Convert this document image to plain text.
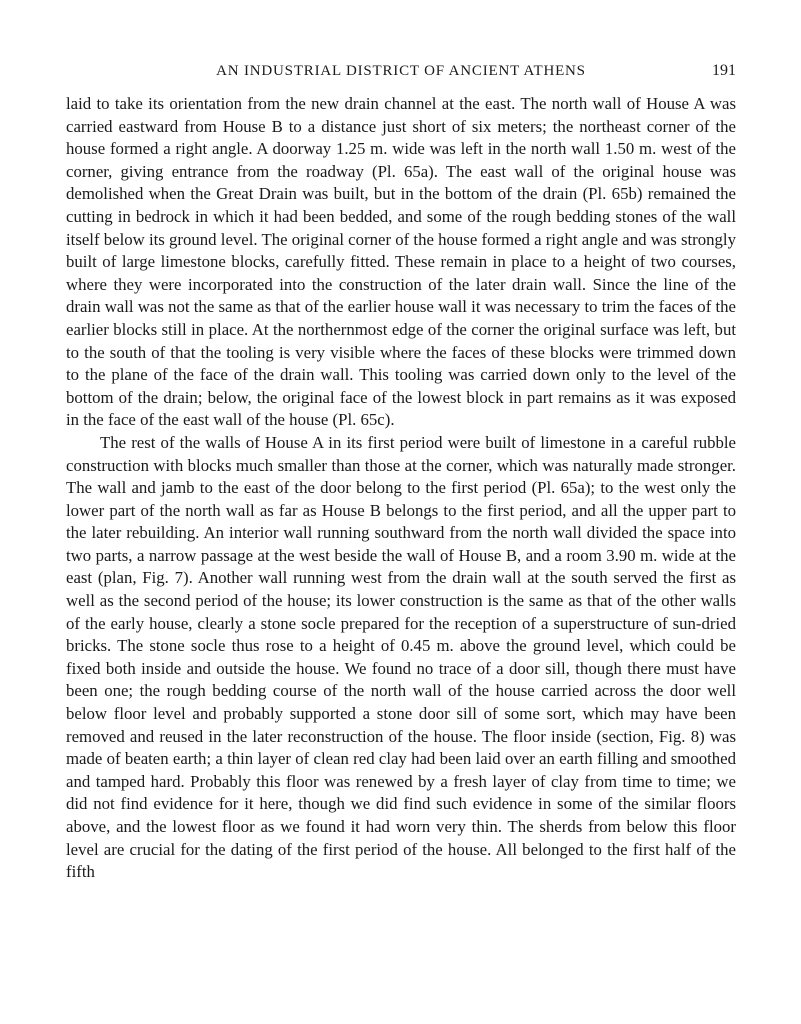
AN INDUSTRIAL DISTRICT OF ANCIENT ATHENS	191

laid to take its orientation from the new drain channel at the east. The north wall of House A was carried eastward from House B to a distance just short of six meters; the northeast corner of the house formed a right angle. A doorway 1.25 m. wide was left in the north wall 1.50 m. west of the corner, giving entrance from the roadway (Pl. 65a). The east wall of the original house was demolished when the Great Drain was built, but in the bottom of the drain (Pl. 65b) remained the cutting in bedrock in which it had been bedded, and some of the rough bedding stones of the wall itself below its ground level. The original corner of the house formed a right angle and was strongly built of large limestone blocks, carefully fitted. These remain in place to a height of two courses, where they were incorporated into the construction of the later drain wall. Since the line of the drain wall was not the same as that of the earlier house wall it was necessary to trim the faces of the earlier blocks still in place. At the northernmost edge of the corner the original surface was left, but to the south of that the tooling is very visible where the faces of these blocks were trimmed down to the plane of the face of the drain wall. This tooling was carried down only to the level of the bottom of the drain; below, the original face of the lowest block in part remains as it was exposed in the face of the east wall of the house (Pl. 65c).

The rest of the walls of House A in its first period were built of limestone in a careful rubble construction with blocks much smaller than those at the corner, which was naturally made stronger. The wall and jamb to the east of the door belong to the first period (Pl. 65a); to the west only the lower part of the north wall as far as House B belongs to the first period, and all the upper part to the later rebuilding. An interior wall running southward from the north wall divided the space into two parts, a narrow passage at the west beside the wall of House B, and a room 3.90 m. wide at the east (plan, Fig. 7). Another wall running west from the drain wall at the south served the first as well as the second period of the house; its lower construction is the same as that of the other walls of the early house, clearly a stone socle prepared for the reception of a superstructure of sun-dried bricks. The stone socle thus rose to a height of 0.45 m. above the ground level, which could be fixed both inside and outside the house. We found no trace of a door sill, though there must have been one; the rough bedding course of the north wall of the house carried across the door well below floor level and probably supported a stone door sill of some sort, which may have been removed and reused in the later reconstruction of the house. The floor inside (section, Fig. 8) was made of beaten earth; a thin layer of clean red clay had been laid over an earth filling and smoothed and tamped hard. Probably this floor was renewed by a fresh layer of clay from time to time; we did not find evidence for it here, though we did find such evidence in some of the similar floors above, and the lowest floor as we found it had worn very thin. The sherds from below this floor level are crucial for the dating of the first period of the house. All belonged to the first half of the fifth
